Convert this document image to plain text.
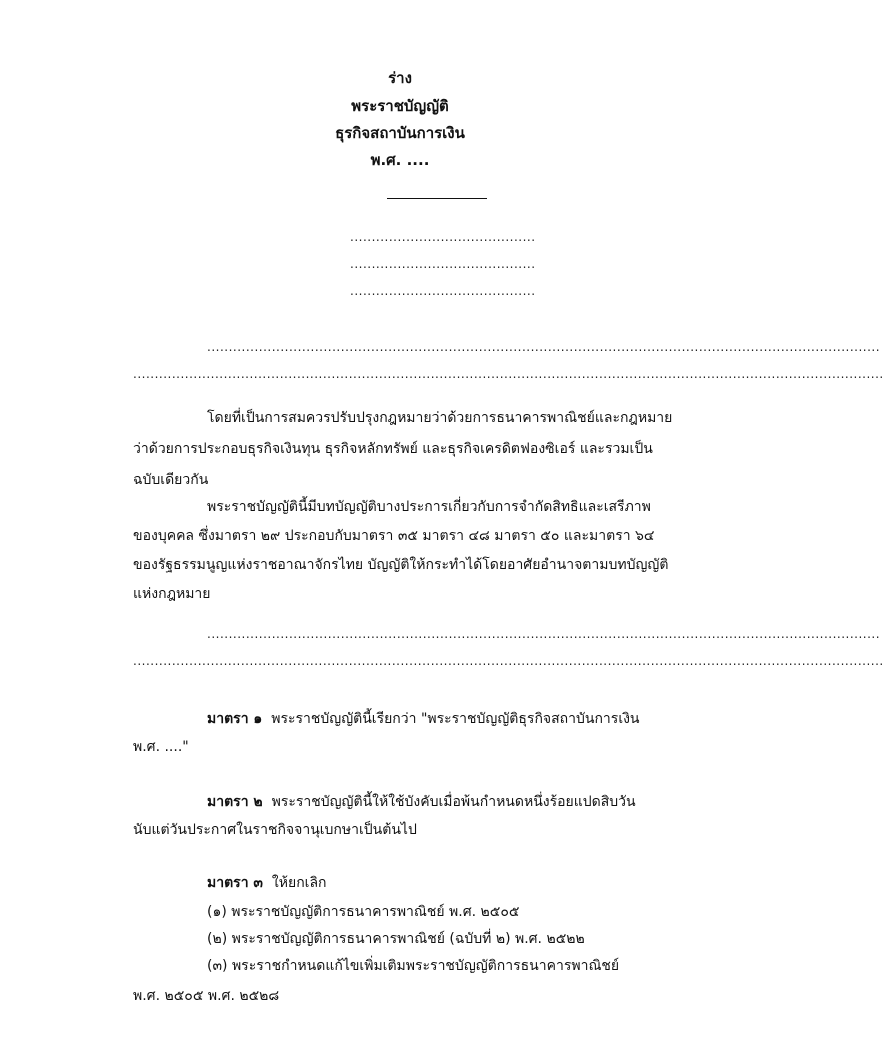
ร่าง
พระราชบัญญัติ
ธุรกิจสถาบันการเงิน
พ.ศ. ....
...........................................
...........................................
...........................................
............................................................................................................................................................
..............................................................................................................................................................................
โดยที่เป็นการสมควรปรับปรุงกฎหมายว่าด้วยการธนาคารพาณิชย์และกฎหมาย
ว่าด้วยการประกอบธุรกิจเงินทุน ธุรกิจหลักทรัพย์ และธุรกิจเครดิตฟองซิเอร์ และรวมเป็น
ฉบับเดียวกัน
พระราชบัญญัตินี้มีบทบัญญัติบางประการเกี่ยวกับการจำกัดสิทธิและเสรีภาพ
ของบุคคล ซึ่งมาตรา ๒๙ ประกอบกับมาตรา ๓๕ มาตรา ๔๘ มาตรา ๕๐ และมาตรา ๖๔
ของรัฐธรรมนูญแห่งราชอาณาจักรไทย บัญญัติให้กระทำได้โดยอาศัยอำนาจตามบทบัญญัติ
แห่งกฎหมาย
............................................................................................................................................................
..............................................................................................................................................................................
มาตรา ๑ พระราชบัญญัตินี้เรียกว่า "พระราชบัญญัติธุรกิจสถาบันการเงิน
พ.ศ. ...."
มาตรา ๒ พระราชบัญญัตินี้ให้ใช้บังคับเมื่อพ้นกำหนดหนึ่งร้อยแปดสิบวัน
นับแต่วันประกาศในราชกิจจานุเบกษาเป็นต้นไป
มาตรา ๓ ให้ยกเลิก
(๑) พระราชบัญญัติการธนาคารพาณิชย์ พ.ศ. ๒๕๐๕
(๒) พระราชบัญญัติการธนาคารพาณิชย์ (ฉบับที่ ๒) พ.ศ. ๒๕๒๒
(๓) พระราชกำหนดแก้ไขเพิ่มเติมพระราชบัญญัติการธนาคารพาณิชย์
พ.ศ. ๒๕๐๕ พ.ศ. ๒๕๒๘
